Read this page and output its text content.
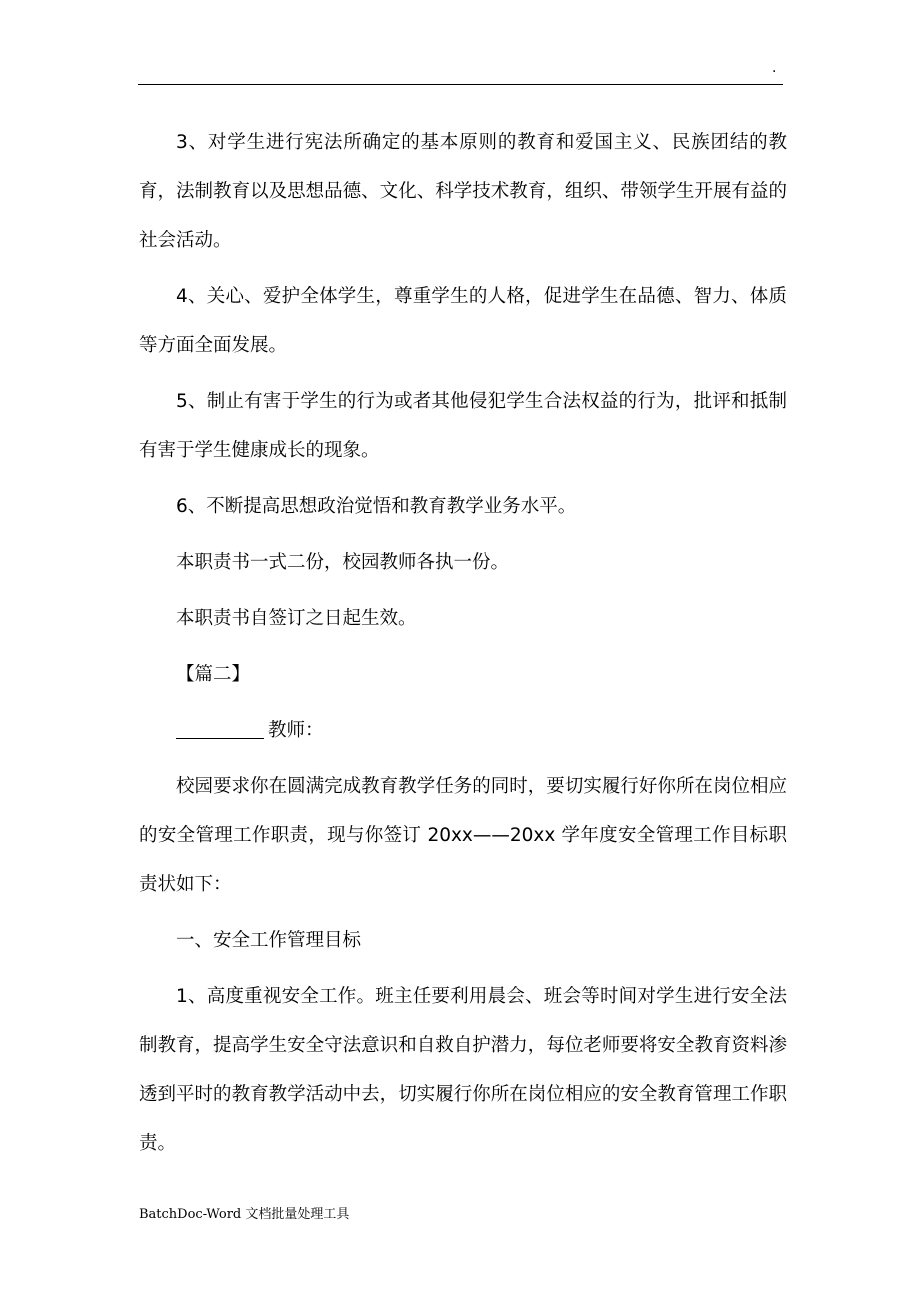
.

3、对学生进行宪法所确定的基本原则的教育和爱国主义、民族团结的教育，法制教育以及思想品德、文化、科学技术教育，组织、带领学生开展有益的社会活动。

4、关心、爱护全体学生，尊重学生的人格，促进学生在品德、智力、体质等方面全面发展。

5、制止有害于学生的行为或者其他侵犯学生合法权益的行为，批评和抵制有害于学生健康成长的现象。

6、不断提高思想政治觉悟和教育教学业务水平。

本职责书一式二份，校园教师各执一份。

本职责书自签订之日起生效。

【篇二】

教师：

校园要求你在圆满完成教育教学任务的同时，要切实履行好你所在岗位相应的安全管理工作职责，现与你签订 20xx——20xx 学年度安全管理工作目标职责状如下：

一、安全工作管理目标

1、高度重视安全工作。班主任要利用晨会、班会等时间对学生进行安全法制教育，提高学生安全守法意识和自救自护潜力，每位老师要将安全教育资料渗透到平时的教育教学活动中去，切实履行你所在岗位相应的安全教育管理工作职责。

BatchDoc-Word 文档批量处理工具
